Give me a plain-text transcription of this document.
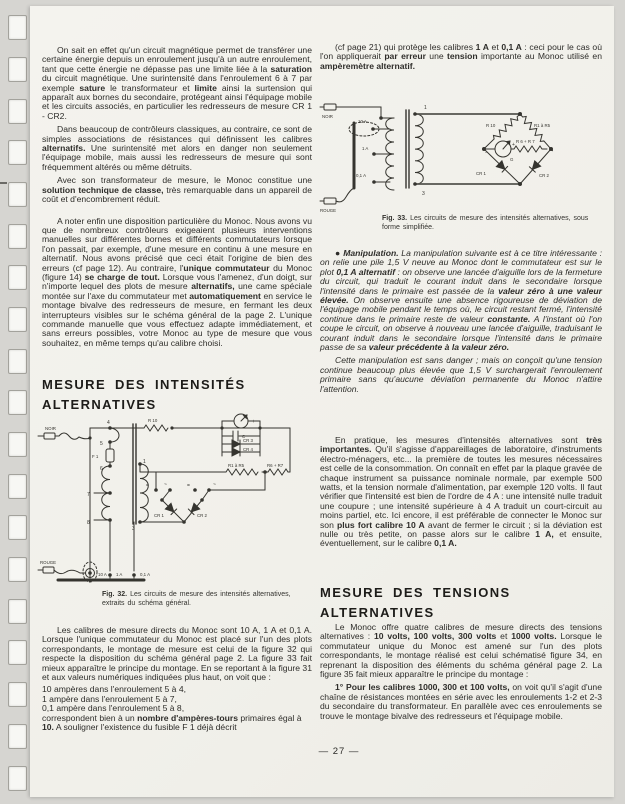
On sait en effet qu'un circuit magnétique permet de transférer une certaine énergie depuis un enroulement jusqu'à un autre enroulement, tant que cette énergie ne dépasse pas une limite liée à la saturation du circuit magnétique. Une surintensité dans l'enroulement 6 à 7 par exemple sature le transformateur et limite ainsi la surtension qui apparaît aux bornes du secondaire, protégeant ainsi l'équipage mobile et les circuits associés, en particulier les redresseurs de mesure CR 1 - CR2.

Dans beaucoup de contrôleurs classiques, au contraire, ce sont de simples associations de résistances qui définissent les calibres alternatifs. Une surintensité met alors en danger non seulement l'équipage mobile, mais aussi les redresseurs de mesure qui sont fréquemment altérés ou même détruits.

Avec son transformateur de mesure, le Monoc constitue une solution technique de classe, très remarquable dans un appareil de coût et d'encombrement réduit.

A noter enfin une disposition particulière du Monoc. Nous avons vu que de nombreux contrôleurs exigeaient plusieurs interventions manuelles sur différentes bornes et différents commutateurs lorsque l'on passait, par exemple, d'une mesure en continu à une mesure en alternatif. Nous avons précisé que ceci était l'origine de bien des erreurs (cf page 12). Au contraire, l'unique commutateur du Monoc (figure 14) se charge de tout. Lorsque vous l'amenez, d'un doigt, sur n'importe lequel des plots de mesure alternatifs, une came spéciale montée sur l'axe du commutateur met automatiquement en service le montage bivalve des redresseurs de mesure, en fermant les deux interrupteurs visibles sur le schéma général de la page 2. L'unique commande manuelle que vous effectuez adapte immédiatement, et sans erreurs possibles, votre Monoc au type de mesure que vous souhaitez, en même temps qu'au calibre choisi.

MESURE DES INTENSITÉS ALTERNATIVES
NOIR
ROUGE
4
5
F 1
6
7
8
1
3
R 10	−	+
C
CR 3
CR 4
R1 à R5	R6 + R7
=	~	=	~
CR 1	CR 2
10 A 1 A	0,1 A
Fig. 32. Les circuits de mesure des intensités alternatives, extraits du schéma général.

Les calibres de mesure directs du Monoc sont 10 A, 1 A et 0,1 A. Lorsque l'unique commutateur du Monoc est placé sur l'un des plots correspondants, le montage de mesure est celui de la figure 32 qui respecte la disposition du schéma général page 2. La figure 33 fait mieux apparaître le principe du montage. En se reportant à la figure 31 et aux valeurs numériques indiquées plus haut, on voit que :

10 ampères dans l'enroulement 5 à 4,

1 ampère dans l'enroulement 5 à 7,

0,1 ampère dans l'enroulement 5 à 8,

correspondent bien à un nombre d'ampères-tours primaires égal à 10. A souligner l'existence du fusible F 1 déjà décrit

(cf page 21) qui protège les calibres 1 A et 0,1 A : ceci pour le cas où l'on appliquerait par erreur une tension importante au Monoc utilisé en ampèremètre alternatif.

NOIR
ROUGE
10 A
1 A
0,1 A
1
3
R 10	R1 à R5
R 6 + R 7
−
+
G
CR 1	CR 2
Fig. 33. Les circuits de mesure des intensités alternatives, sous forme simplifiée.

● Manipulation. La manipulation suivante est à ce titre intéressante : on relie une pile 1,5 V neuve au Monoc dont le commutateur est sur le plot 0,1 A alternatif : on observe une lancée d'aiguille lors de la fermeture du circuit, qui traduit le courant induit dans le secondaire lorsque l'intensité dans le primaire est passée de la valeur zéro à une valeur élevée. On observe ensuite une absence rigoureuse de déviation de l'équipage mobile pendant le temps où, le circuit restant fermé, l'intensité continue dans le primaire reste de valeur constante. A l'instant où l'on coupe le circuit, on observe à nouveau une lancée d'aiguille, traduisant le courant induit dans le secondaire lorsque l'intensité dans le primaire passe de sa valeur précédente à la valeur zéro.

Cette manipulation est sans danger ; mais on conçoit qu'une tension continue beaucoup plus élevée que 1,5 V surchargerait l'enroulement primaire sans qu'aucune déviation permanente du Monoc n'attire l'attention.

En pratique, les mesures d'intensités alternatives sont très importantes. Qu'il s'agisse d'appareillages de laboratoire, d'instruments électro-ménagers, etc... la première de toutes les mesures nécessaires est celle de la consommation. On connaît en effet par la plaque gravée de chaque instrument sa puissance nominale normale, par exemple 500 watts, et la tension normale d'alimentation, par exemple 120 volts. Il faut vérifier que l'intensité est bien de l'ordre de 4 A : une intensité nulle traduit une coupure ; une intensité supérieure à 4 A traduit un court-circuit au moins partiel, etc. Ici encore, il est préférable de connecter le Monoc sur son plus fort calibre 10 A avant de fermer le circuit ; si la déviation est nulle ou très petite, on passe alors sur le calibre 1 A, et ensuite, éventuellement, sur le calibre 0,1 A.

MESURE DES TENSIONS ALTERNATIVES

Le Monoc offre quatre calibres de mesure directs des tensions alternatives : 10 volts, 100 volts, 300 volts et 1000 volts. Lorsque le commutateur unique du Monoc est amené sur l'un des plots correspondants, le montage réalisé est celui schématisé figure 34, en reprenant la disposition des éléments du schéma général page 2. La figure 35 fait mieux apparaître le principe du montage :

1° Pour les calibres 1000, 300 et 100 volts, on voit qu'il s'agit d'une chaîne de résistances montées en série avec les enroulements 1-2 et 2-3 du secondaire du transformateur. En parallèle avec ces enroulements se trouve le montage bivalve des redresseurs et l'équipage mobile.

— 27 —
